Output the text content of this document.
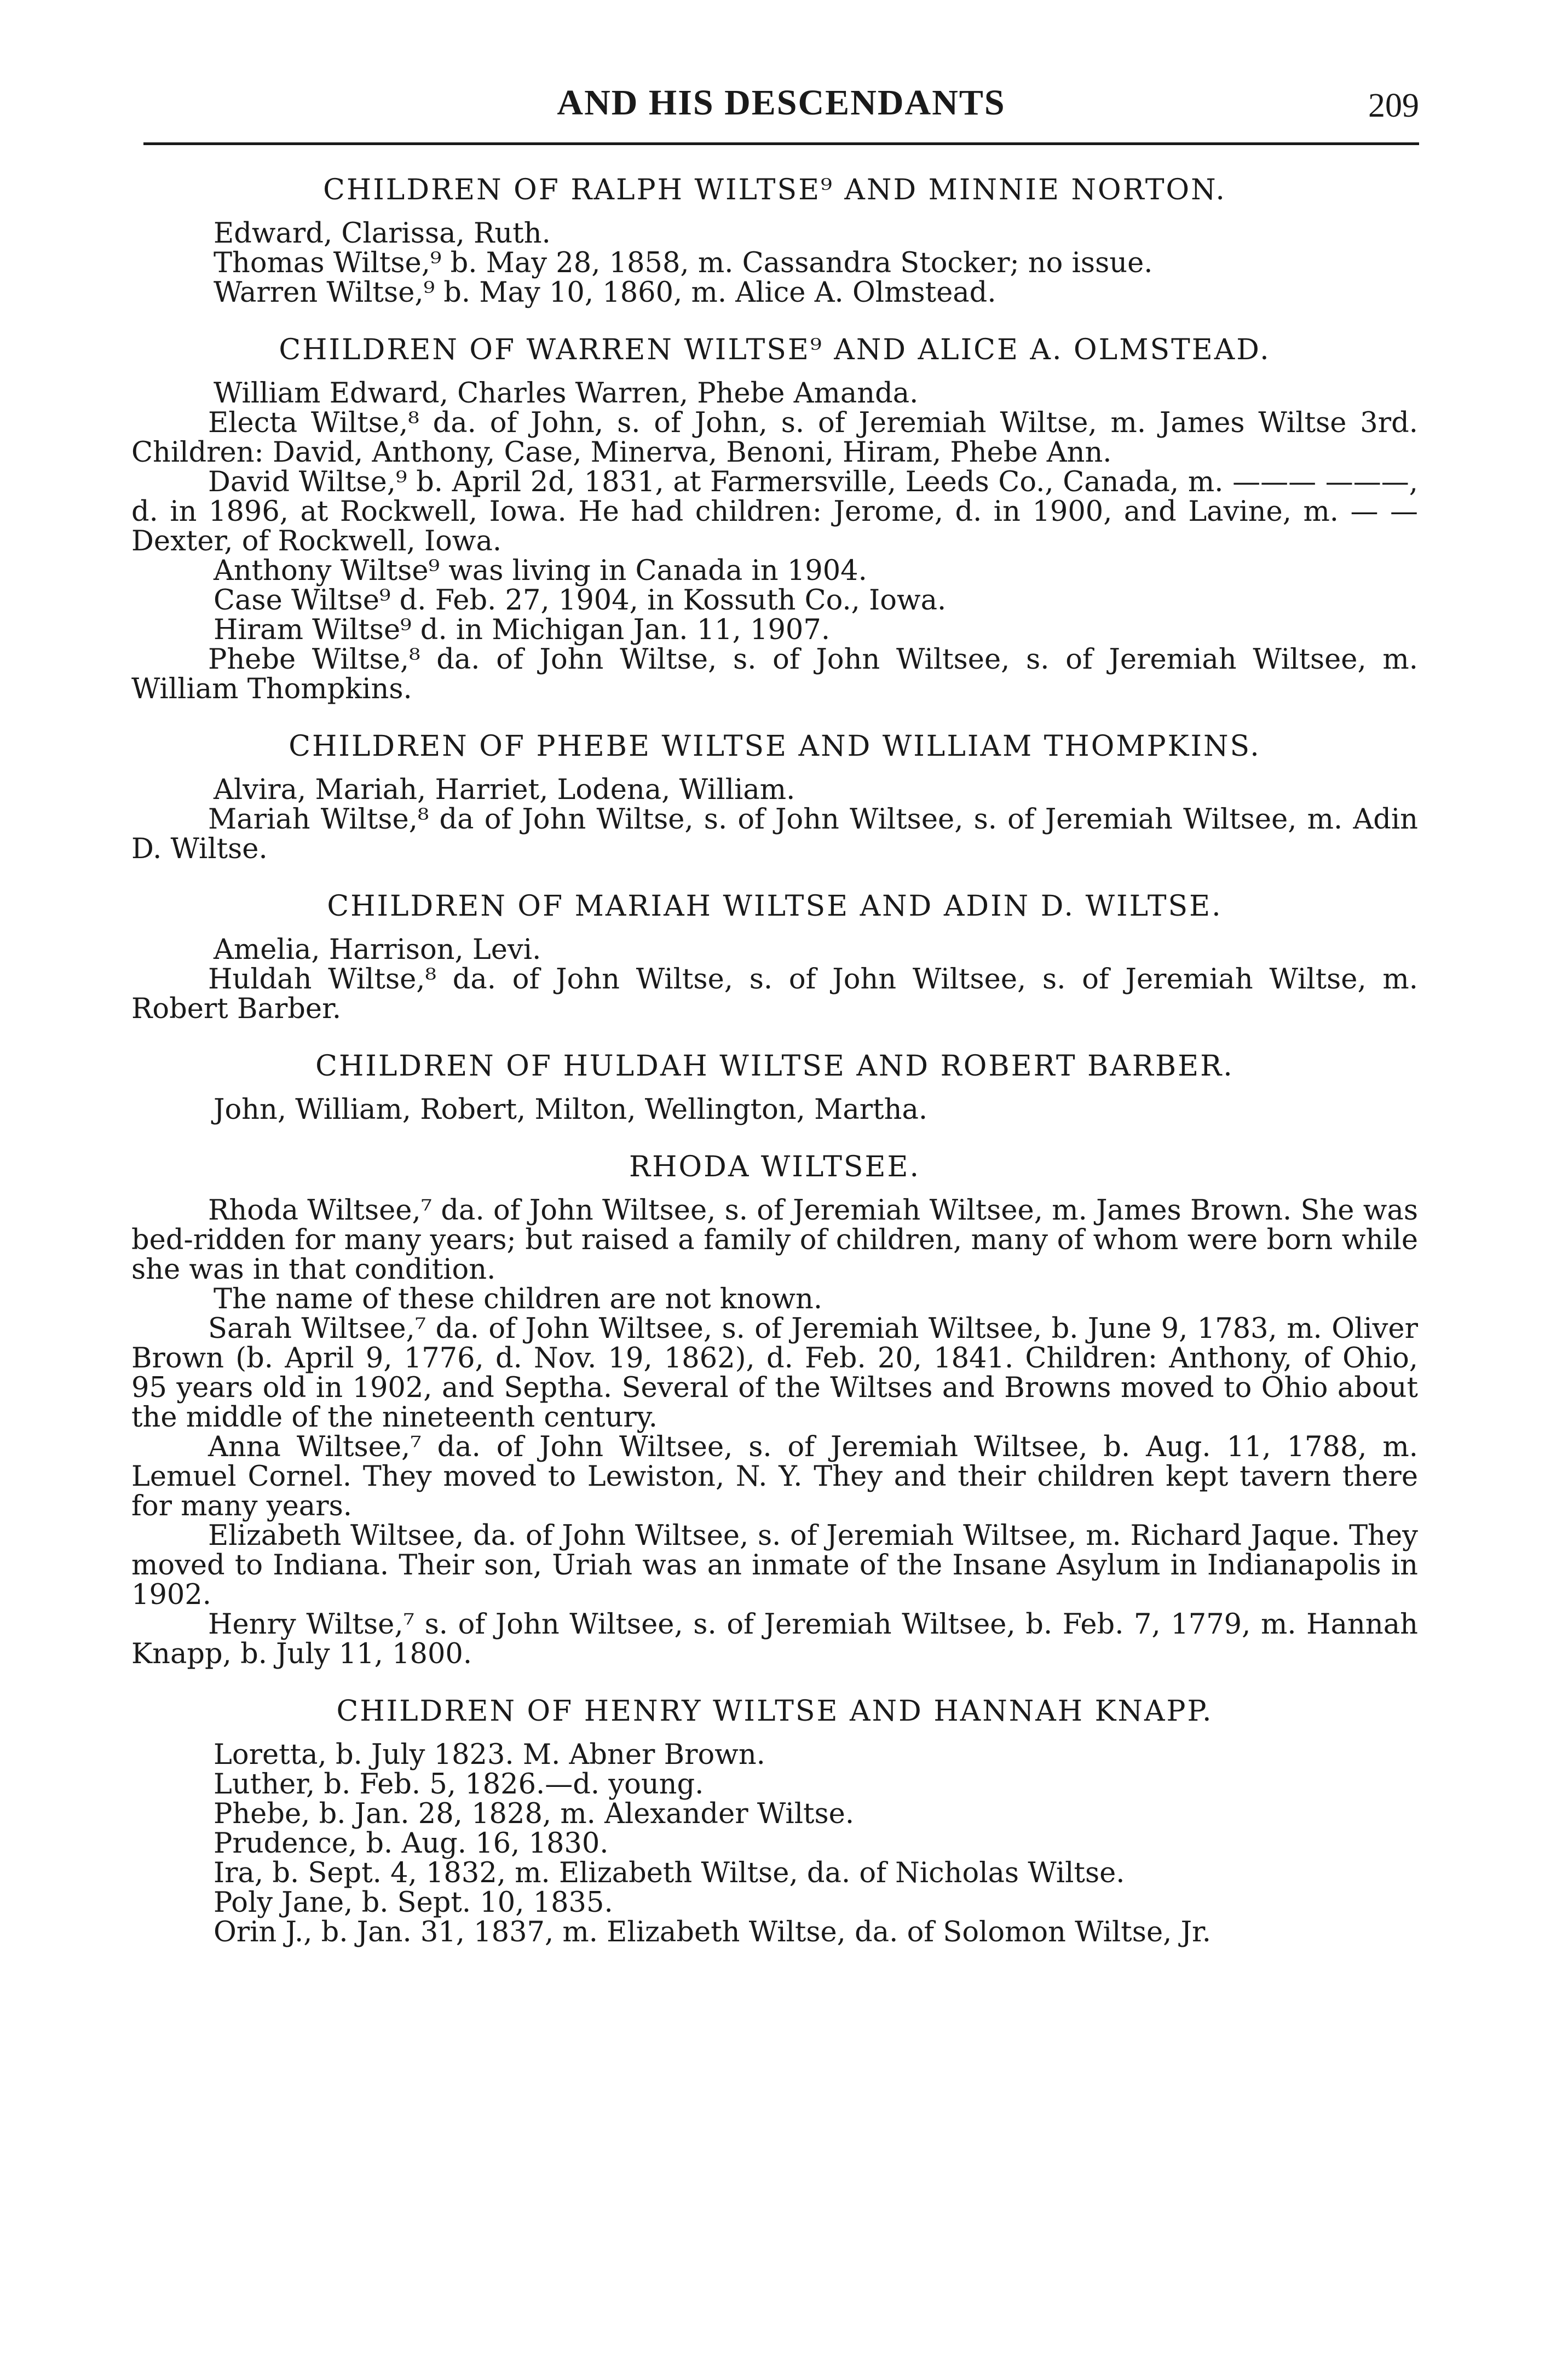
AND HIS DESCENDANTS	209
CHILDREN OF RALPH WILTSE⁹ AND MINNIE NORTON.

Edward, Clarissa, Ruth.

Thomas Wiltse,⁹ b. May 28, 1858, m. Cassandra Stocker; no issue.

Warren Wiltse,⁹ b. May 10, 1860, m. Alice A. Olmstead.

CHILDREN OF WARREN WILTSE⁹ AND ALICE A. OLMSTEAD.

William Edward, Charles Warren, Phebe Amanda.

Electa Wiltse,⁸ da. of John, s. of John, s. of Jeremiah Wiltse, m. James Wiltse 3rd. Children: David, Anthony, Case, Minerva, Benoni, Hiram, Phebe Ann.

David Wiltse,⁹ b. April 2d, 1831, at Farmersville, Leeds Co., Canada, m. ——— ———, d. in 1896, at Rockwell, Iowa. He had children: Jerome, d. in 1900, and Lavine, m. — — Dexter, of Rockwell, Iowa.

Anthony Wiltse⁹ was living in Canada in 1904.

Case Wiltse⁹ d. Feb. 27, 1904, in Kossuth Co., Iowa.

Hiram Wiltse⁹ d. in Michigan Jan. 11, 1907.

Phebe Wiltse,⁸ da. of John Wiltse, s. of John Wiltsee, s. of Jeremiah Wiltsee, m. William Thompkins.

CHILDREN OF PHEBE WILTSE AND WILLIAM THOMPKINS.

Alvira, Mariah, Harriet, Lodena, William.

Mariah Wiltse,⁸ da of John Wiltse, s. of John Wiltsee, s. of Jeremiah Wiltsee, m. Adin D. Wiltse.

CHILDREN OF MARIAH WILTSE AND ADIN D. WILTSE.

Amelia, Harrison, Levi.

Huldah Wiltse,⁸ da. of John Wiltse, s. of John Wiltsee, s. of Jeremiah Wiltse, m. Robert Barber.

CHILDREN OF HULDAH WILTSE AND ROBERT BARBER.

John, William, Robert, Milton, Wellington, Martha.

RHODA WILTSEE.

Rhoda Wiltsee,⁷ da. of John Wiltsee, s. of Jeremiah Wiltsee, m. James Brown. She was bed-ridden for many years; but raised a family of children, many of whom were born while she was in that condition.

The name of these children are not known.

Sarah Wiltsee,⁷ da. of John Wiltsee, s. of Jeremiah Wiltsee, b. June 9, 1783, m. Oliver Brown (b. April 9, 1776, d. Nov. 19, 1862), d. Feb. 20, 1841. Children: Anthony, of Ohio, 95 years old in 1902, and Septha. Several of the Wiltses and Browns moved to Ohio about the middle of the nineteenth century.

Anna Wiltsee,⁷ da. of John Wiltsee, s. of Jeremiah Wiltsee, b. Aug. 11, 1788, m. Lemuel Cornel. They moved to Lewiston, N. Y. They and their children kept tavern there for many years.

Elizabeth Wiltsee, da. of John Wiltsee, s. of Jeremiah Wiltsee, m. Richard Jaque. They moved to Indiana. Their son, Uriah was an inmate of the Insane Asylum in Indianapolis in 1902.

Henry Wiltse,⁷ s. of John Wiltsee, s. of Jeremiah Wiltsee, b. Feb. 7, 1779, m. Hannah Knapp, b. July 11, 1800.

CHILDREN OF HENRY WILTSE AND HANNAH KNAPP.

Loretta, b. July 1823. M. Abner Brown.

Luther, b. Feb. 5, 1826.—d. young.

Phebe, b. Jan. 28, 1828, m. Alexander Wiltse.

Prudence, b. Aug. 16, 1830.

Ira, b. Sept. 4, 1832, m. Elizabeth Wiltse, da. of Nicholas Wiltse.

Poly Jane, b. Sept. 10, 1835.

Orin J., b. Jan. 31, 1837, m. Elizabeth Wiltse, da. of Solomon Wiltse, Jr.
